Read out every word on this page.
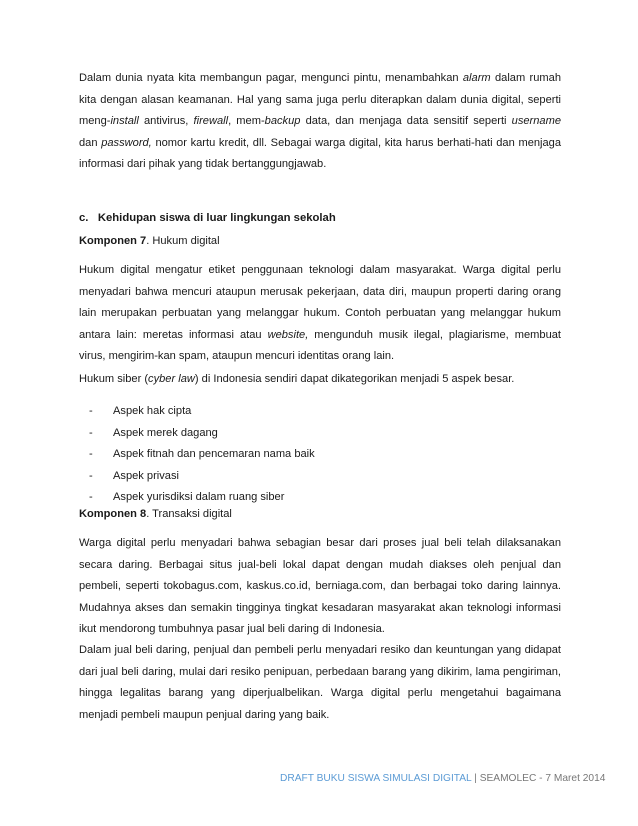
Dalam dunia nyata kita membangun pagar, mengunci pintu, menambahkan alarm dalam rumah
kita dengan alasan keamanan. Hal yang sama juga perlu diterapkan dalam dunia digital, seperti
meng-install antivirus, firewall, mem-backup data, dan menjaga data sensitif seperti username
dan password, nomor kartu kredit, dll. Sebagai warga digital, kita harus berhati-hati dan menjaga
informasi dari pihak yang tidak bertanggungjawab.
c.   Kehidupan siswa di luar lingkungan sekolah
Komponen 7. Hukum digital
Hukum digital mengatur etiket penggunaan teknologi dalam masyarakat. Warga digital perlu
menyadari bahwa mencuri ataupun merusak pekerjaan, data diri, maupun properti daring orang
lain merupakan perbuatan yang melanggar hukum. Contoh perbuatan yang melanggar hukum
antara lain: meretas informasi atau website, mengunduh musik ilegal, plagiarisme, membuat
virus, mengirim-kan spam, ataupun mencuri identitas orang lain.
Hukum siber (cyber law) di Indonesia sendiri dapat dikategorikan menjadi 5 aspek besar.
- Aspek hak cipta
- Aspek merek dagang
- Aspek fitnah dan pencemaran nama baik
- Aspek privasi
- Aspek yurisdiksi dalam ruang siber
Komponen 8. Transaksi digital
Warga digital perlu menyadari bahwa sebagian besar dari proses jual beli telah dilaksanakan
secara daring. Berbagai situs jual-beli lokal dapat dengan mudah diakses oleh penjual dan
pembeli, seperti tokobagus.com, kaskus.co.id, berniaga.com, dan berbagai toko daring lainnya.
Mudahnya akses dan semakin tingginya tingkat kesadaran masyarakat akan teknologi informasi
ikut mendorong tumbuhnya pasar jual beli daring di Indonesia.
Dalam jual beli daring, penjual dan pembeli perlu menyadari resiko dan keuntungan yang didapat
dari jual beli daring, mulai dari resiko penipuan, perbedaan barang yang dikirim, lama pengiriman,
hingga legalitas barang yang diperjualbelikan. Warga digital perlu mengetahui bagaimana
menjadi pembeli maupun penjual daring yang baik.
DRAFT BUKU SISWA SIMULASI DIGITAL | SEAMOLEC - 7 Maret 2014
